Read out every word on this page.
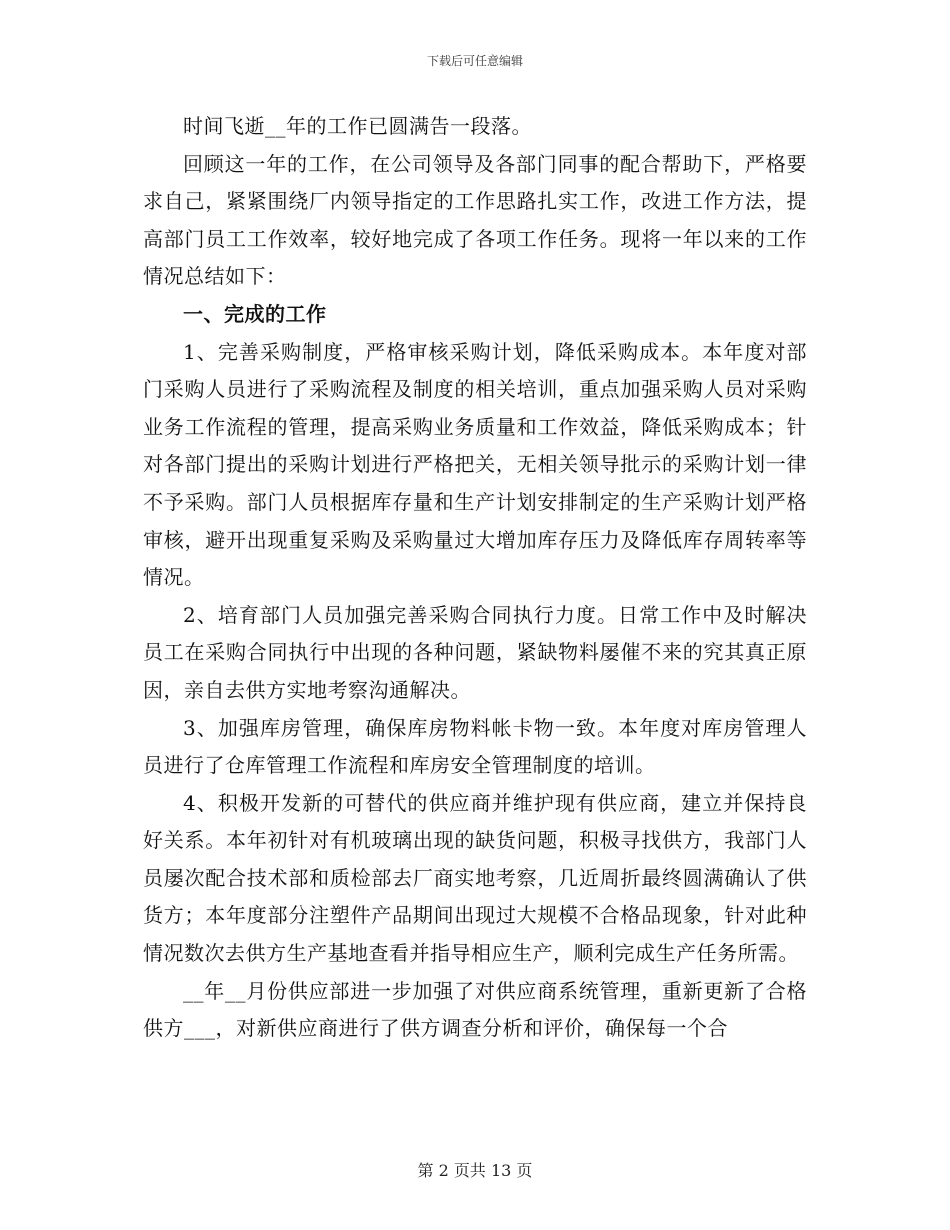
下载后可任意编辑

时间飞逝__年的工作已圆满告一段落。

回顾这一年的工作，在公司领导及各部门同事的配合帮助下，严格要求自己，紧紧围绕厂内领导指定的工作思路扎实工作，改进工作方法，提高部门员工工作效率，较好地完成了各项工作任务。现将一年以来的工作情况总结如下：

一、完成的工作

1、完善采购制度，严格审核采购计划，降低采购成本。本年度对部门采购人员进行了采购流程及制度的相关培训，重点加强采购人员对采购业务工作流程的管理，提高采购业务质量和工作效益，降低采购成本；针对各部门提出的采购计划进行严格把关，无相关领导批示的采购计划一律不予采购。部门人员根据库存量和生产计划安排制定的生产采购计划严格审核，避开出现重复采购及采购量过大增加库存压力及降低库存周转率等情况。

2、培育部门人员加强完善采购合同执行力度。日常工作中及时解决员工在采购合同执行中出现的各种问题，紧缺物料屡催不来的究其真正原因，亲自去供方实地考察沟通解决。

3、加强库房管理，确保库房物料帐卡物一致。本年度对库房管理人员进行了仓库管理工作流程和库房安全管理制度的培训。

4、积极开发新的可替代的供应商并维护现有供应商，建立并保持良好关系。本年初针对有机玻璃出现的缺货问题，积极寻找供方，我部门人员屡次配合技术部和质检部去厂商实地考察，几近周折最终圆满确认了供货方；本年度部分注塑件产品期间出现过大规模不合格品现象，针对此种情况数次去供方生产基地查看并指导相应生产，顺利完成生产任务所需。

__年__月份供应部进一步加强了对供应商系统管理，重新更新了合格供方___，对新供应商进行了供方调查分析和评价，确保每一个合

第 2 页共 13 页
